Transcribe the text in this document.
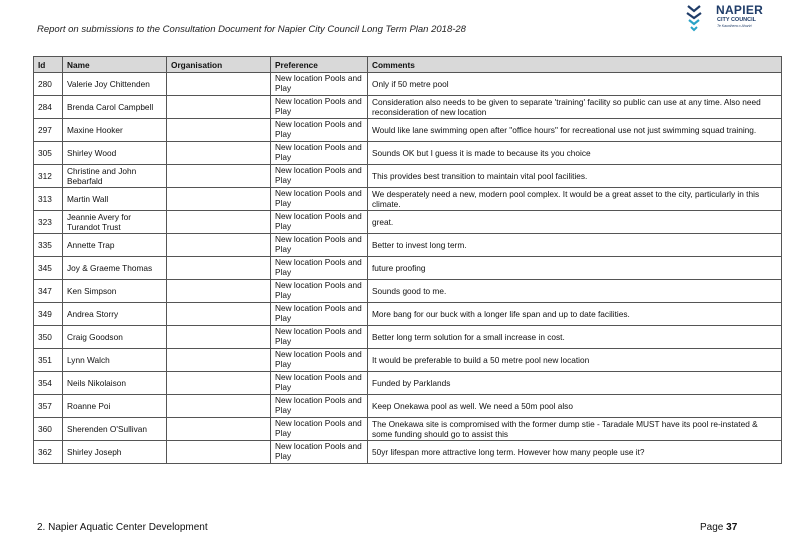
Report on submissions to the Consultation Document for Napier City Council Long Term Plan 2018-28
NAPIER
CITY COUNCIL
Te Kaunihera o Ahuriri
Id	Name	Organisation	Preference	Comments
280	Valerie Joy Chittenden		New location Pools and Play	Only if 50 metre pool
284	Brenda Carol Campbell		New location Pools and Play	Consideration also needs to be given to separate 'training' facility so public can use at any time. Also need reconsideration of new location
297	Maxine Hooker		New location Pools and Play	Would like lane swimming open after "office hours" for recreational use not just swimming squad training.
305	Shirley Wood		New location Pools and Play	Sounds OK but I guess it is made to because its you choice
312	Christine and John Bebarfald		New location Pools and Play	This provides best transition to maintain vital pool facilities.
313	Martin Wall		New location Pools and Play	We desperately need a new, modern pool complex. It would be a great asset to the city, particularly in this climate.
323	Jeannie Avery for Turandot Trust		New location Pools and Play	great.
335	Annette Trap		New location Pools and Play	Better to invest long term.
345	Joy & Graeme Thomas		New location Pools and Play	future proofing
347	Ken Simpson		New location Pools and Play	Sounds good to me.
349	Andrea Storry		New location Pools and Play	More bang for our buck with a longer life span and up to date facilities.
350	Craig Goodson		New location Pools and Play	Better long term solution for a small increase in cost.
351	Lynn Walch		New location Pools and Play	It would be preferable to build a 50 metre pool new location
354	Neils Nikolaison		New location Pools and Play	Funded by Parklands
357	Roanne Poi		New location Pools and Play	Keep Onekawa pool as well. We need a 50m pool also
360	Sherenden O'Sullivan		New location Pools and Play	The Onekawa site is compromised with the former dump stie - Taradale MUST have its pool re-instated & some funding should go to assist this
362	Shirley Joseph		New location Pools and Play	50yr lifespan more attractive long term. However how many people use it?
2. Napier Aquatic Center Development	Page 37
